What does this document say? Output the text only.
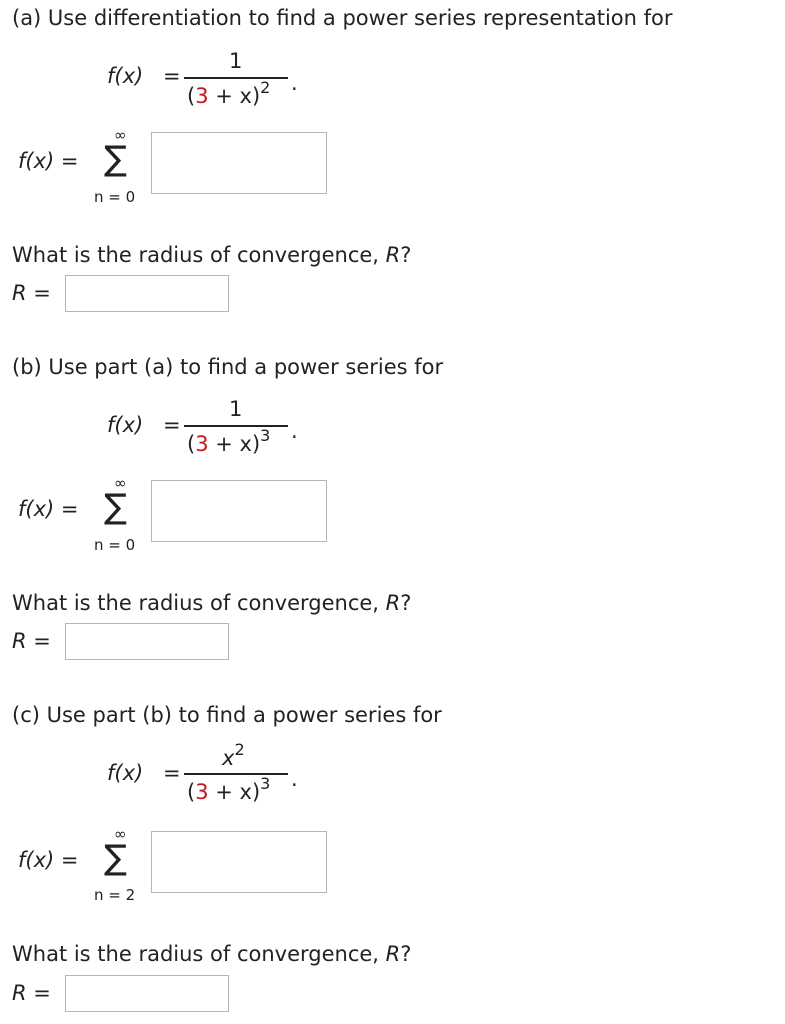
(a) Use differentiation to find a power series representation for
f(x) =
1
$(3 + x)^2$ .
f(x) =
∞
∑
n = 0
What is the radius of convergence, R?
R =
(b) Use part (a) to find a power series for
f(x) =
1
$(3 + x)^3$ .
f(x) =
∞
∑
n = 0
What is the radius of convergence, R?
R =
(c) Use part (b) to find a power series for
f(x) =
$x^2$
$(3 + x)^3$ .
f(x) =
∞
∑
n = 2
What is the radius of convergence, R?
R =
